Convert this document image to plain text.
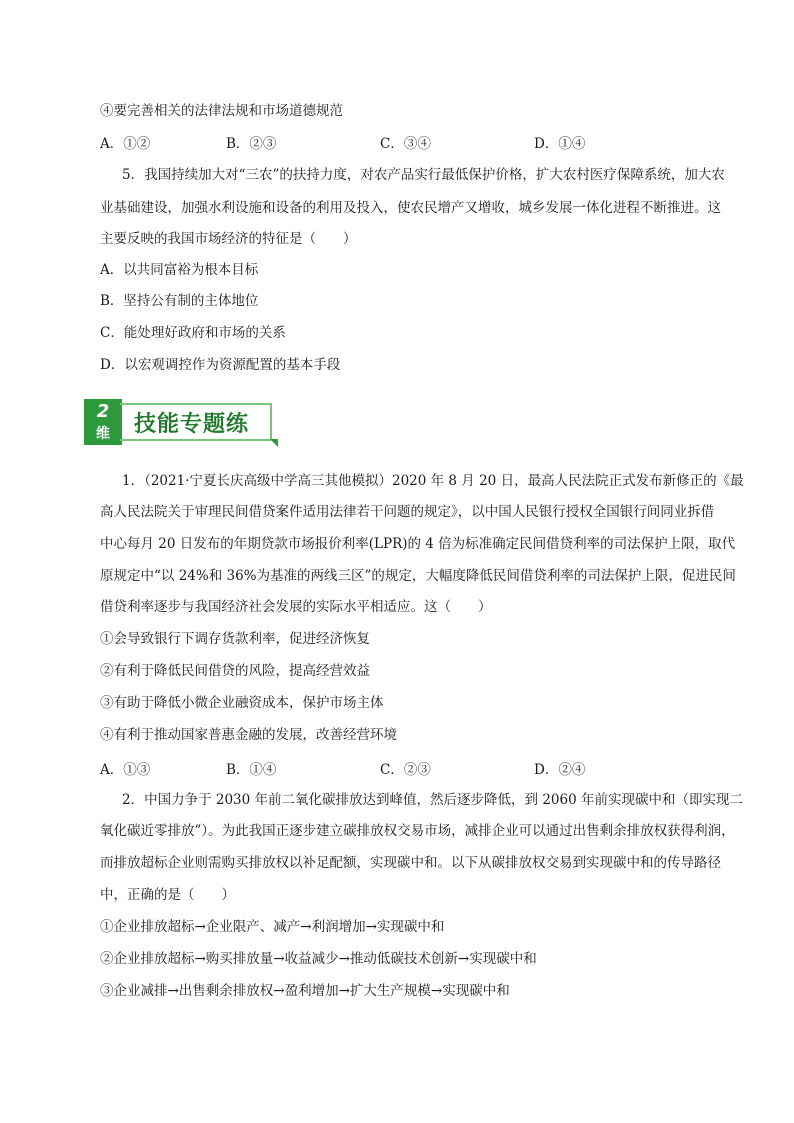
④要完善相关的法律法规和市场道德规范
A．①②	B．②③	C．③④	D．①④
5．我国持续加大对“三农”的扶持力度，对农产品实行最低保护价格，扩大农村医疗保障系统，加大农
业基础建设，加强水利设施和设备的利用及投入，使农民增产又增收，城乡发展一体化进程不断推进。这
主要反映的我国市场经济的特征是（　　）
A．以共同富裕为根本目标
B．坚持公有制的主体地位
C．能处理好政府和市场的关系
D．以宏观调控作为资源配置的基本手段
2
维	技能专题练
1．（2021·宁夏长庆高级中学高三其他模拟）2020 年 8 月 20 日，最高人民法院正式发布新修正的《最
高人民法院关于审理民间借贷案件适用法律若干问题的规定》，以中国人民银行授权全国银行间同业拆借
中心每月 20 日发布的年期贷款市场报价利率(LPR)的 4 倍为标准确定民间借贷利率的司法保护上限，取代
原规定中“以 24%和 36%为基准的两线三区”的规定，大幅度降低民间借贷利率的司法保护上限，促进民间
借贷利率逐步与我国经济社会发展的实际水平相适应。这（　　）
①会导致银行下调存货款利率，促进经济恢复
②有利于降低民间借贷的风险，提高经营效益
③有助于降低小微企业融资成本，保护市场主体
④有利于推动国家普惠金融的发展，改善经营环境
A．①③	B．①④	C．②③	D．②④
2．中国力争于 2030 年前二氧化碳排放达到峰值，然后逐步降低，到 2060 年前实现碳中和（即实现二
氧化碳近零排放”）。为此我国正逐步建立碳排放权交易市场，减排企业可以通过出售剩余排放权获得利润，
而排放超标企业则需购买排放权以补足配额，实现碳中和。以下从碳排放权交易到实现碳中和的传导路径
中，正确的是（　　）
①企业排放超标→企业限产、减产→利润增加→实现碳中和
②企业排放超标→购买排放量→收益减少→推动低碳技术创新→实现碳中和
③企业减排→出售剩余排放权→盈利增加→扩大生产规模→实现碳中和
